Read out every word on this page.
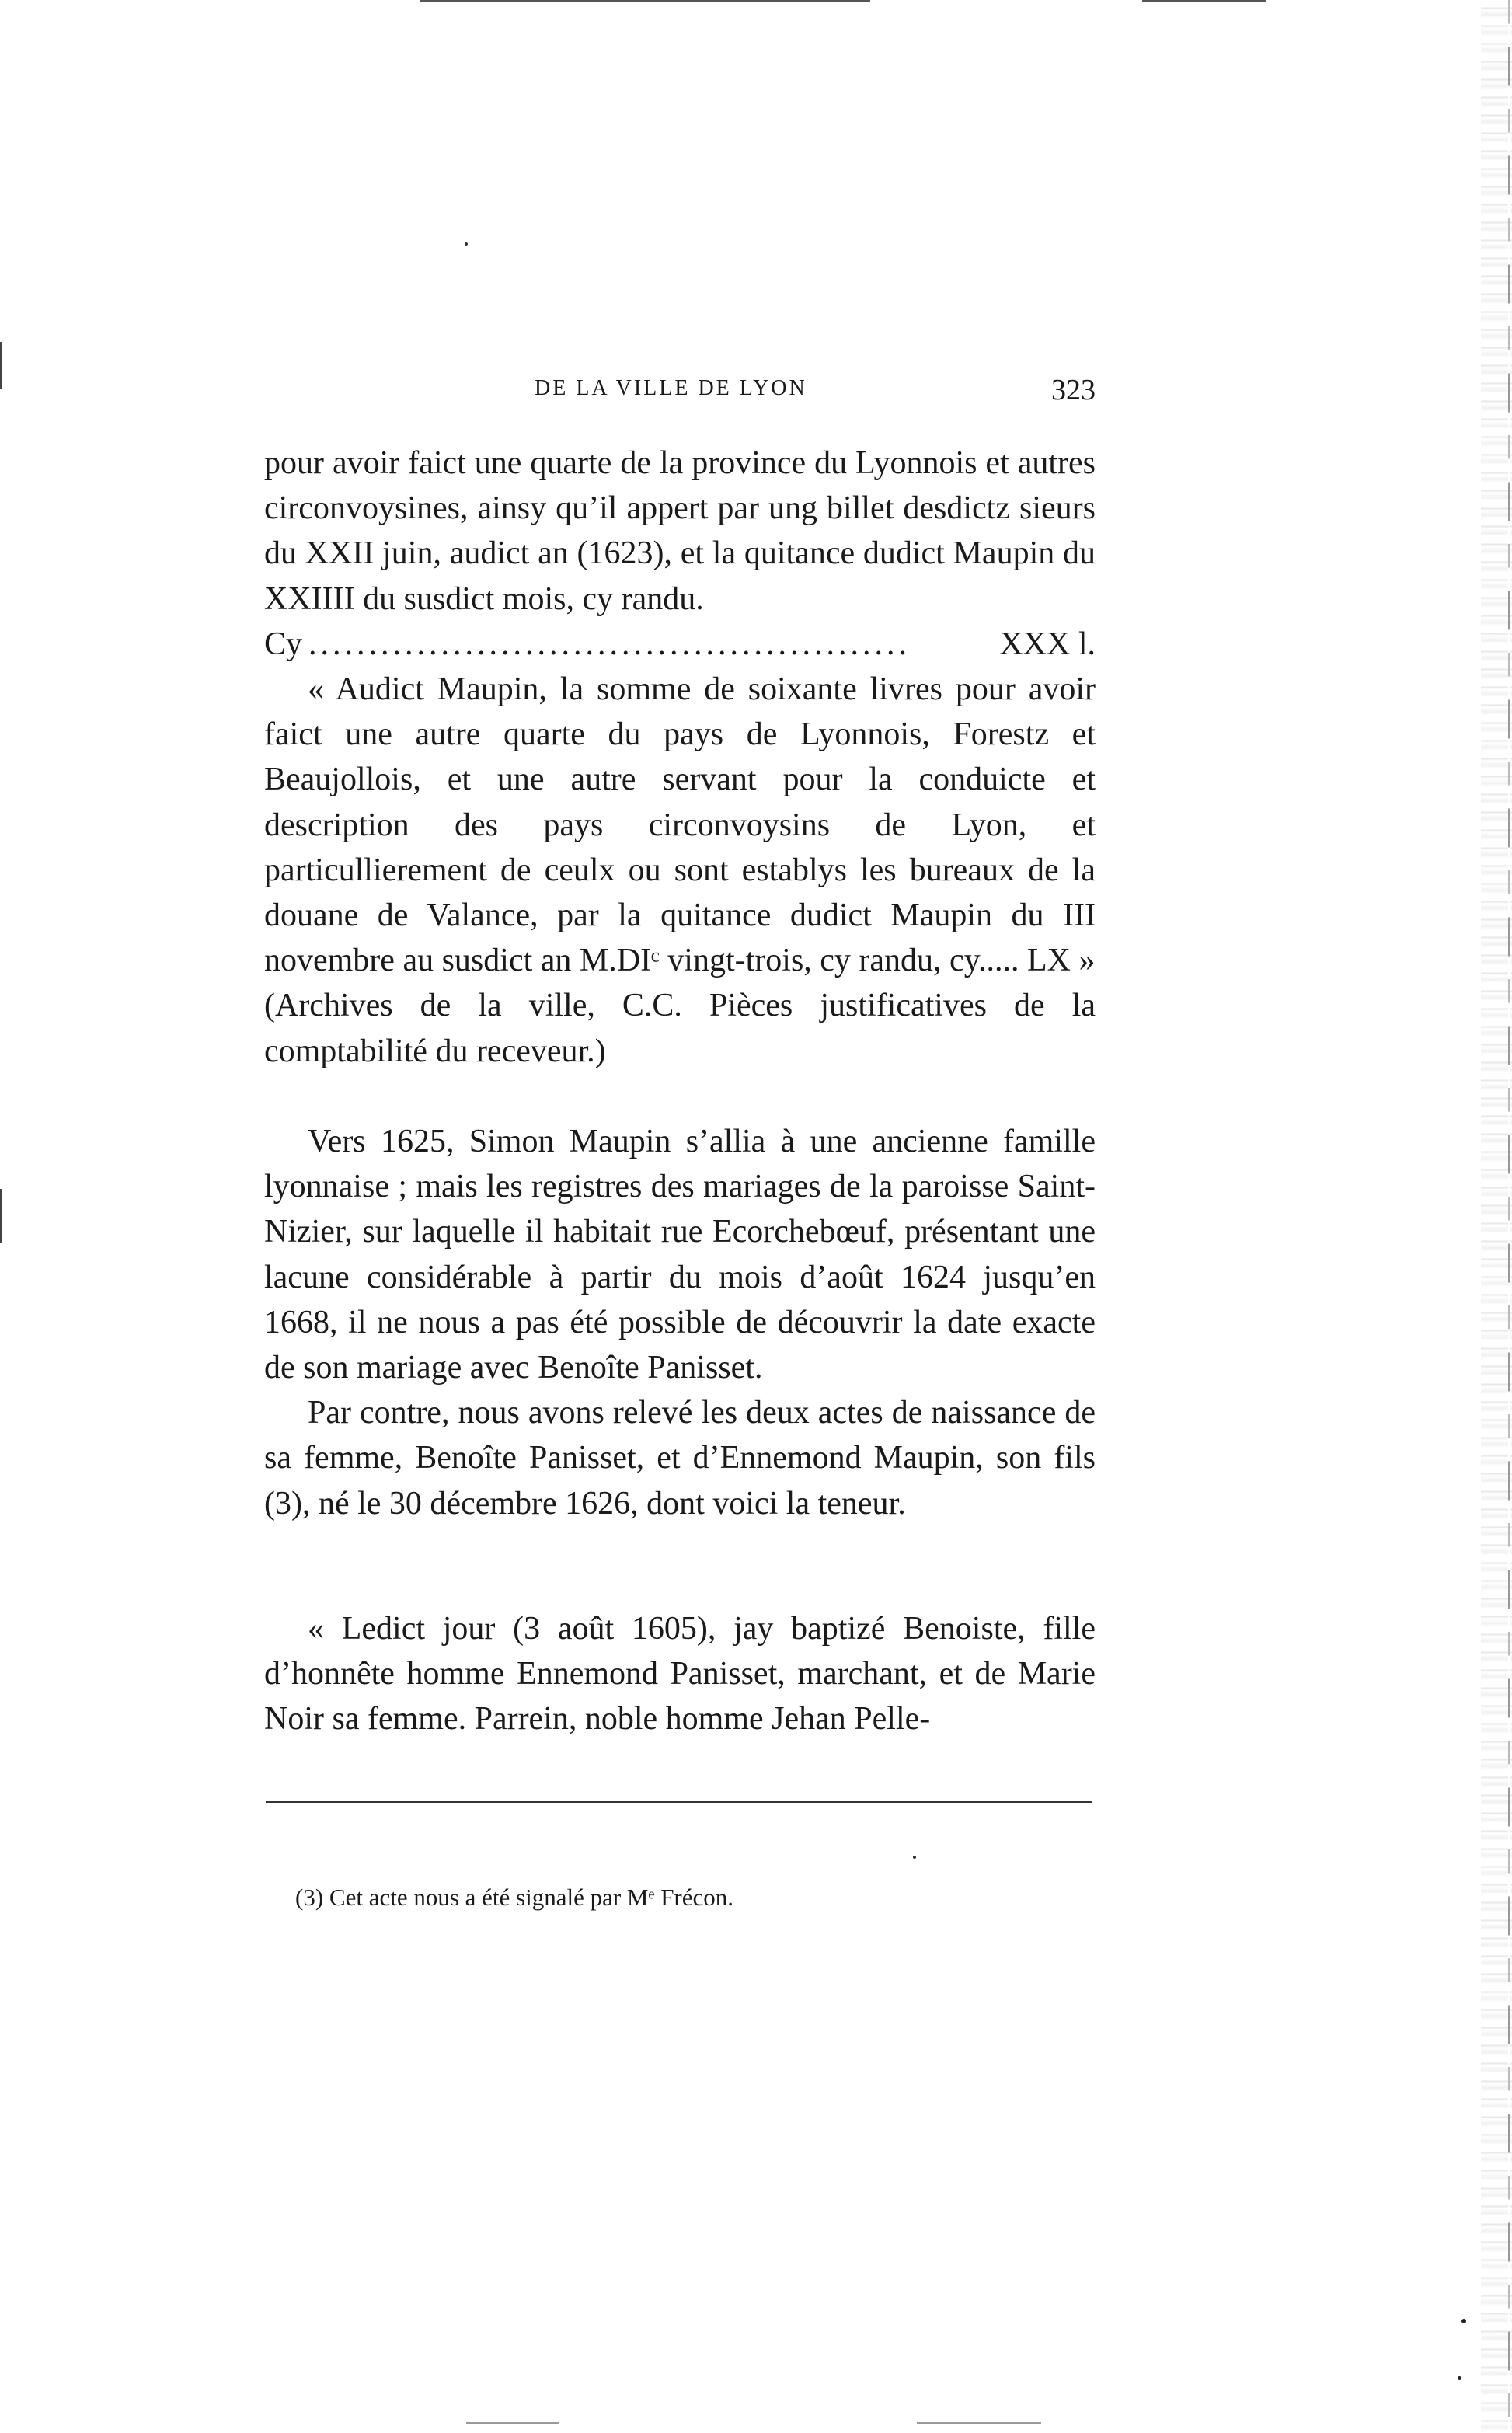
DE LA VILLE DE LYON	323

pour avoir faict une quarte de la province du Lyonnois et autres circonvoysines, ainsy qu’il appert par ung billet desdictz sieurs du XXII juin, audict an (1623), et la quitance dudict Maupin du XXIIII du susdict mois, cy randu.

Cy ..................................................	XXX l.

« Audict Maupin, la somme de soixante livres pour avoir faict une autre quarte du pays de Lyonnois, Forestz et Beaujollois, et une autre servant pour la conduicte et description des pays circonvoysins de Lyon, et particullierement de ceulx ou sont establys les bureaux de la douane de Valance, par la quitance dudict Maupin du III novembre au susdict an M.DIᶜ vingt-trois, cy randu, cy..... LX »

(Archives de la ville, C.C. Pièces justificatives de la comptabilité du receveur.)

Vers 1625, Simon Maupin s’allia à une ancienne famille lyonnaise ; mais les registres des mariages de la paroisse Saint-Nizier, sur laquelle il habitait rue Ecorchebœuf, présentant une lacune considérable à partir du mois d’août 1624 jusqu’en 1668, il ne nous a pas été possible de découvrir la date exacte de son mariage avec Benoîte Panisset.

Par contre, nous avons relevé les deux actes de naissance de sa femme, Benoîte Panisset, et d’Ennemond Maupin, son fils (3), né le 30 décembre 1626, dont voici la teneur.

« Ledict jour (3 août 1605), jay baptizé Benoiste, fille d’honnête homme Ennemond Panisset, marchant, et de Marie Noir sa femme. Parrein, noble homme Jehan Pelle-

(3) Cet acte nous a été signalé par Mᵉ Frécon.
